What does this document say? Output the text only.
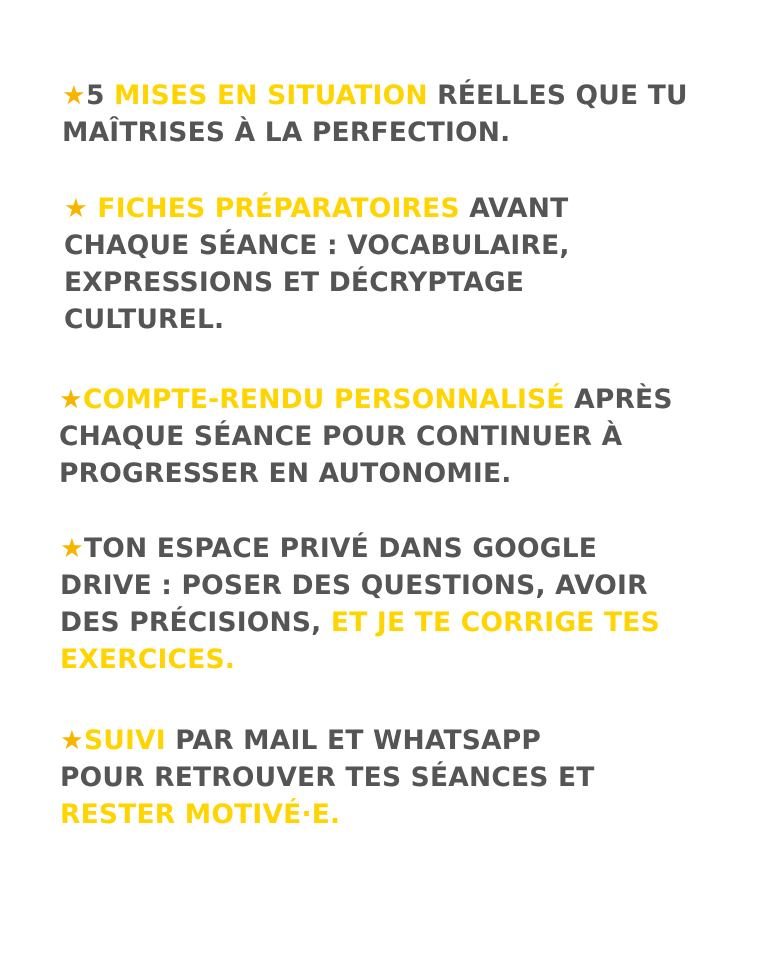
★5 MISES EN SITUATION RÉELLES QUE TU
MAÎTRISES À LA PERFECTION.
★ FICHES PRÉPARATOIRES AVANT
CHAQUE SÉANCE : VOCABULAIRE,
EXPRESSIONS ET DÉCRYPTAGE
CULTUREL.
★COMPTE-RENDU PERSONNALISÉ APRÈS
CHAQUE SÉANCE POUR CONTINUER À
PROGRESSER EN AUTONOMIE.
★TON ESPACE PRIVÉ DANS GOOGLE
DRIVE : POSER DES QUESTIONS, AVOIR
DES PRÉCISIONS, ET JE TE CORRIGE TES
EXERCICES.
★SUIVI PAR MAIL ET WHATSAPP
POUR RETROUVER TES SÉANCES ET
RESTER MOTIVÉ·E.
